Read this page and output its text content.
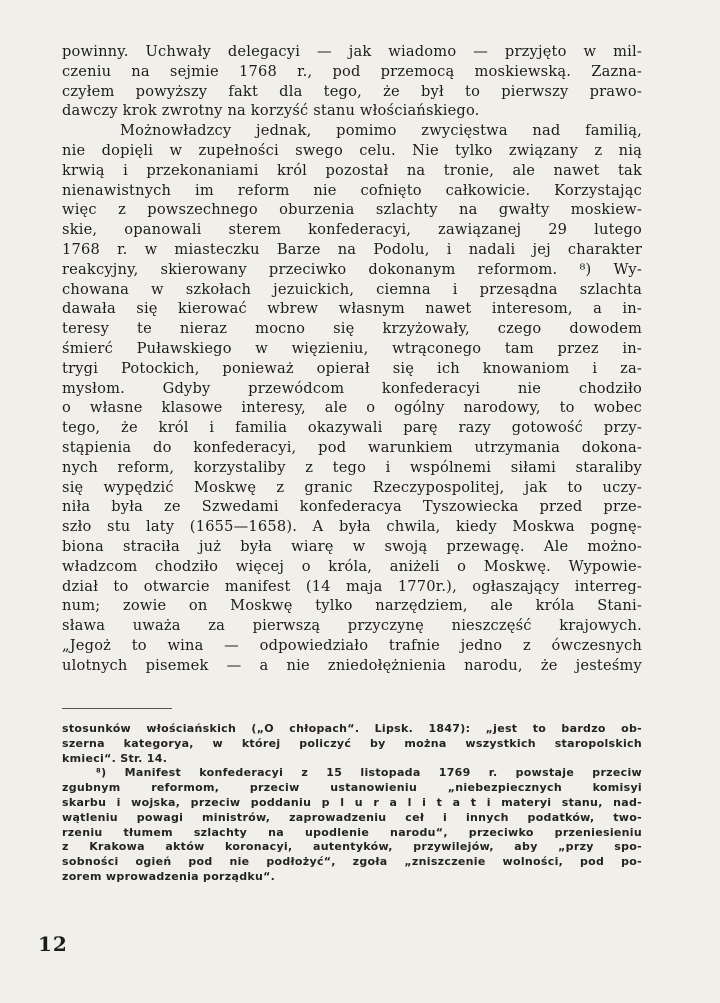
powinny. Uchwały delegacyi — jak wiadomo — przyjęto w mil-
czeniu na sejmie 1768 r., pod przemocą moskiewską. Zazna-
czyłem powyższy fakt dla tego, że był to pierwszy prawo-
dawczy krok zwrotny na korzyść stanu włościańskiego.
Możnowładzcy jednak, pomimo zwycięstwa nad familią,
nie dopięli w zupełności swego celu. Nie tylko związany z nią
krwią i przekonaniami król pozostał na tronie, ale nawet tak
nienawistnych im reform nie cofnięto całkowicie. Korzystając
więc z powszechnego oburzenia szlachty na gwałty moskiew-
skie, opanowali sterem konfederacyi, zawiązanej 29 lutego
1768 r. w miasteczku Barze na Podolu, i nadali jej charakter
reakcyjny, skierowany przeciwko dokonanym reformom. ⁸) Wy-
chowana w szkołach jezuickich, ciemna i przesądna szlachta
dawała się kierować wbrew własnym nawet interesom, a in-
teresy te nieraz mocno się krzyżowały, czego dowodem
śmierć Puławskiego w więzieniu, wtrąconego tam przez in-
trygi Potockich, ponieważ opierał się ich knowaniom i za-
mysłom. Gdyby przewódcom konfederacyi nie chodziło
o własne klasowe interesy, ale o ogólny narodowy, to wobec
tego, że król i familia okazywali parę razy gotowość przy-
stąpienia do konfederacyi, pod warunkiem utrzymania dokona-
nych reform, korzystaliby z tego i wspólnemi siłami staraliby
się wypędzić Moskwę z granic Rzeczypospolitej, jak to uczy-
niła była ze Szwedami konfederacya Tyszowiecka przed prze-
szło stu laty (1655—1658). A była chwila, kiedy Moskwa pognę-
biona straciła już była wiarę w swoją przewagę. Ale możno-
władzcom chodziło więcej o króla, aniżeli o Moskwę. Wypowie-
dział to otwarcie manifest (14 maja 1770r.), ogłaszający interreg-
num; zowie on Moskwę tylko narzędziem, ale króla Stani-
sława uważa za pierwszą przyczynę nieszczęść krajowych.
„Jegoż to wina — odpowiedziało trafnie jedno z ówczesnych
ulotnych pisemek — a nie zniedołężnienia narodu, że jesteśmy
stosunków włościańskich („O chłopach“. Lipsk. 1847): „jest to bardzo ob-
szerna kategorya, w której policzyć by można wszystkich staropolskich
kmieci“. Str. 14.
⁸) Manifest konfederacyi z 15 listopada 1769 r. powstaje przeciw
zgubnym reformom, przeciw ustanowieniu „niebezpiecznych komisyi
skarbu i wojska, przeciw poddaniu p l u r a l i t a t i materyi stanu, nad-
wątleniu powagi ministrów, zaprowadzeniu ceł i innych podatków, two-
rzeniu tłumem szlachty na upodlenie narodu“, przeciwko przeniesieniu
z Krakowa aktów koronacyi, autentyków, przywilejów, aby „przy spo-
sobności ogień pod nie podłożyć“, zgoła „zniszczenie wolności, pod po-
zorem wprowadzenia porządku“.
12
